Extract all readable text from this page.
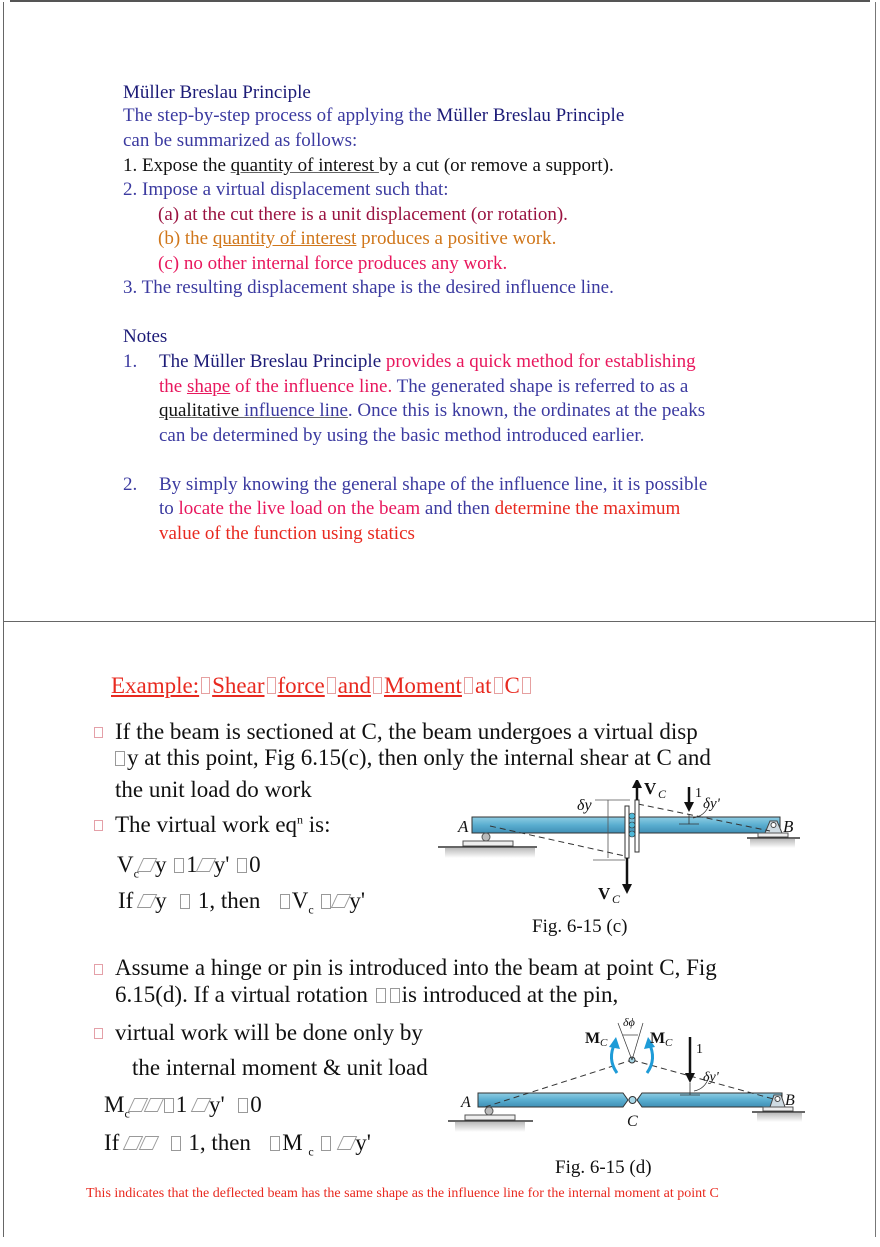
Müller Breslau Principle
The step-by-step process of applying the Müller Breslau Principle
can be summarized as follows:
1. Expose the quantity of interest by a cut (or remove a support).
2. Impose a virtual displacement such that:
(a) at the cut there is a unit displacement (or rotation).
(b) the quantity of interest produces a positive work.
(c) no other internal force produces any work.
3. The resulting displacement shape is the desired influence line.
Notes
1. The Müller Breslau Principle provides a quick method for establishing
the shape of the influence line. The generated shape is referred to as a
qualitative influence line. Once this is known, the ordinates at the peaks
can be determined by using the basic method introduced earlier.
2. By simply knowing the general shape of the influence line, it is possible
to locate the live load on the beam and then determine the maximum
value of the function using statics
Example: Shear force and Moment at C
If the beam is sectioned at C, the beam undergoes a virtual disp
y at this point, Fig 6.15(c), then only the internal shear at C and
the unit load do work
The virtual work $eq^n$ is:
$V_c$ y 1 y' 0
If y 1, then $V_c$ y'
V C
V C
δy
1
δy'
A	B
Fig. 6-15 (c)
Assume a hinge or pin is introduced into the beam at point C, Fig
6.15(d). If a virtual rotation is introduced at the pin,
virtual work will be done only by
the internal moment & unit load
$M_c$ 1 y' 0
If	1, then M $_c$ y'
δϕ
M C	M C 1
δy'
A	B
C
Fig. 6-15 (d)
This indicates that the deflected beam has the same shape as the influence line for the internal moment at point C
